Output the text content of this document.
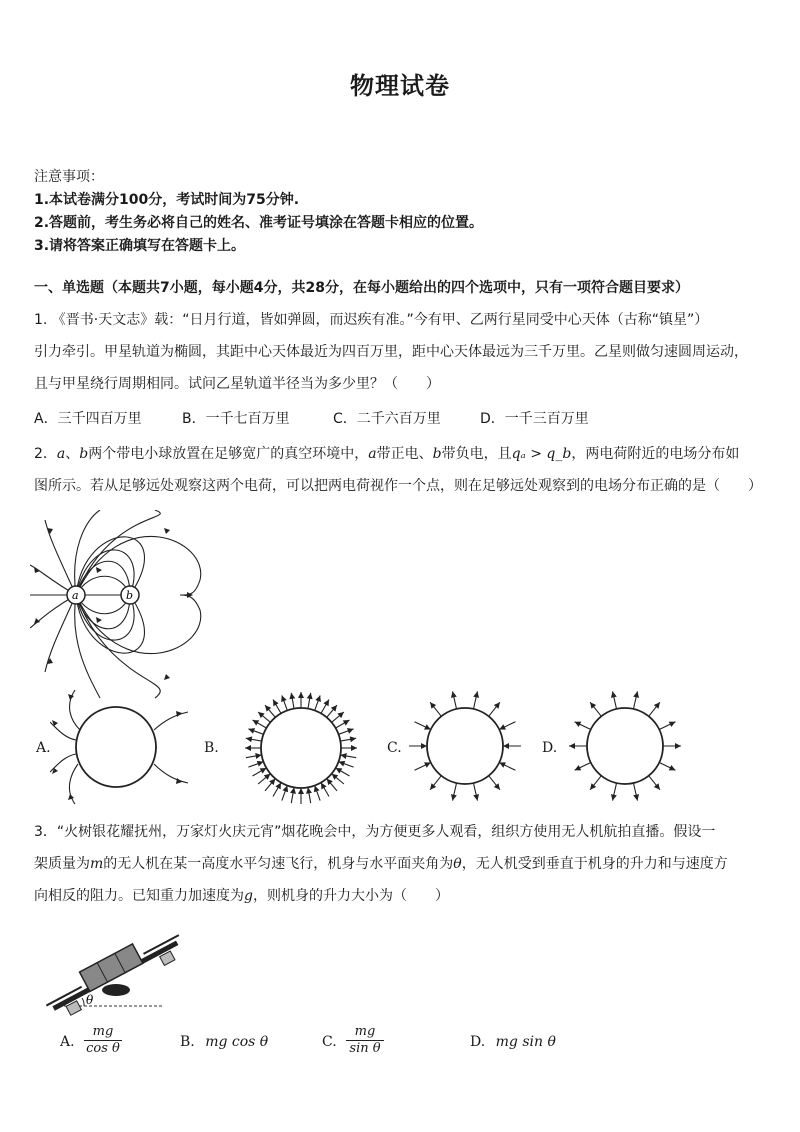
物理试卷
注意事项：
1.本试卷满分100分，考试时间为75分钟.
2.答题前，考生务必将自己的姓名、准考证号填涂在答题卡相应的位置。
3.请将答案正确填写在答题卡上。
一、单选题（本题共7小题，每小题4分，共28分，在每小题给出的四个选项中，只有一项符合题目要求）
1. 《晋书·天文志》载：“日月行道，皆如弹圆，而迟疾有准。”今有甲、乙两行星同受中心天体（古称“镇星”）
引力牵引。甲星轨道为椭圆，其距中心天体最近为四百万里，距中心天体最远为三千万里。乙星则做匀速圆周运动，
且与甲星绕行周期相同。试问乙星轨道半径当为多少里？（　　）
A．三千四百万里	B．一千七百万里	C．二千六百万里	D．一千三百万里
2．a、b两个带电小球放置在足够宽广的真空环境中，a带正电、b带负电，且qₐ > q_b，两电荷附近的电场分布如
图所示。若从足够远处观察这两个电荷，可以把两电荷视作一个点，则在足够远处观察到的电场分布正确的是（　　）
a	b
A.	B.	C.	D.
3．“火树银花耀抚州，万家灯火庆元宵”烟花晚会中，为方便更多人观看，组织方使用无人机航拍直播。假设一
架质量为m的无人机在某一高度水平匀速飞行，机身与水平面夹角为θ，无人机受到垂直于机身的升力和与速度方
向相反的阻力。已知重力加速度为g，则机身的升力大小为（　　）
θ
A. $\frac{mg}{\text{cos θ}}$	B. mg cos θ	C. $\frac{mg}{\text{sin θ}}$	D. mg sin θ
